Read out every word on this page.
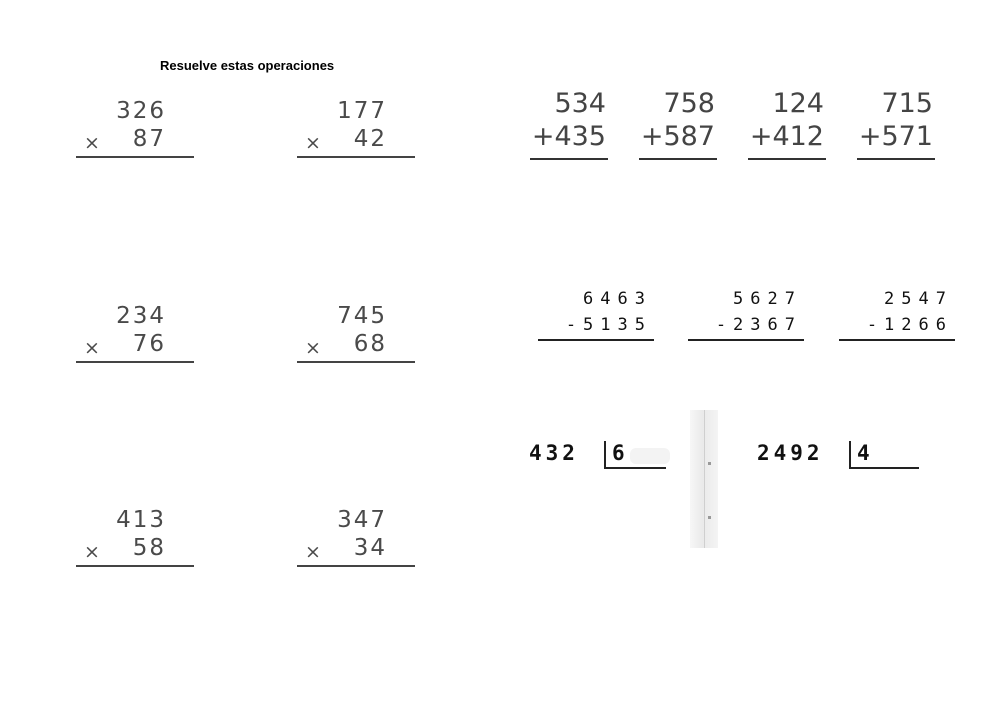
Resuelve estas operaciones
326
× 87
177
× 42
234
× 76
745
× 68
413
× 58
347
× 34
534
+435
758
+587
124
+412
715
+571
6463
-5135
5627
-2367
2547
-1266
432 6	2492 4
